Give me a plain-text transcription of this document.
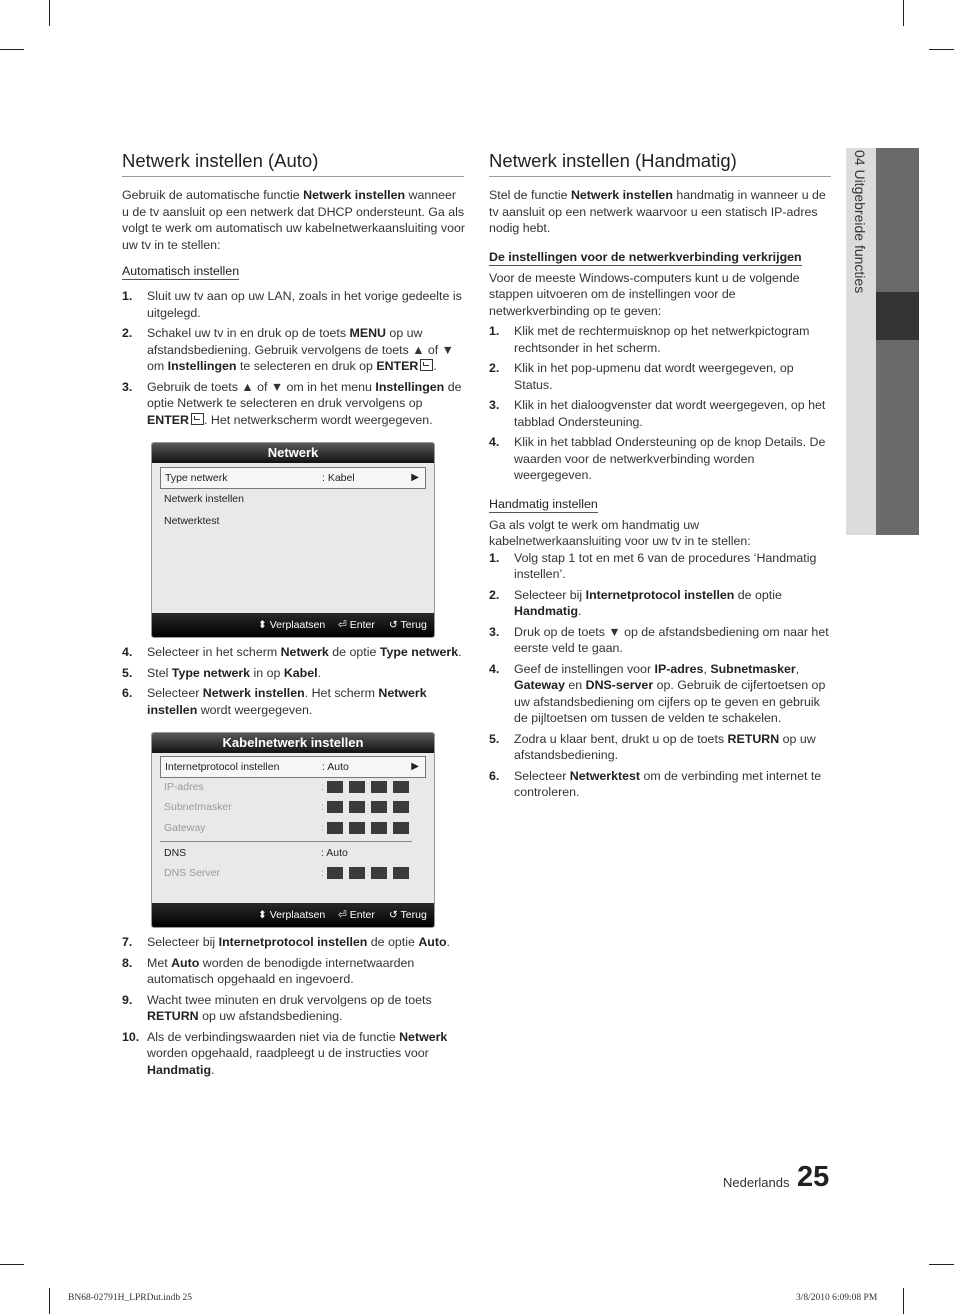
04 Uitgebreide functies
Netwerk instellen (Auto)

Gebruik de automatische functie Netwerk instellen wanneer u de tv aansluit op een netwerk dat DHCP ondersteunt. Ga als volgt te werk om automatisch uw kabelnetwerkaansluiting voor uw tv in te stellen:

Automatisch instellen
1. Sluit uw tv aan op uw LAN, zoals in het vorige gedeelte is uitgelegd.
2. Schakel uw tv in en druk op de toets MENU op uw afstandsbediening. Gebruik vervolgens de toets ▲ of ▼ om Instellingen te selecteren en druk op ENTER .
3. Gebruik de toets ▲ of ▼ om in het menu Instellingen de optie Netwerk te selecteren en druk vervolgens op ENTER . Het netwerkscherm wordt weergegeven.
Netwerk
Type netwerk	: Kabel	▶
Netwerk instellen
Netwerktest
⬍ Verplaatsen ⏎ Enter ↺ Terug
4. Selecteer in het scherm Netwerk de optie Type netwerk.
5. Stel Type netwerk in op Kabel.
6. Selecteer Netwerk instellen. Het scherm Netwerk instellen wordt weergegeven.
Kabelnetwerk instellen
Internetprotocol instellen	: Auto	▶
IP-adres	:
Subnetmasker	:
Gateway	:
DNS	: Auto
DNS Server	:
⬍ Verplaatsen ⏎ Enter ↺ Terug
7. Selecteer bij Internetprotocol instellen de optie Auto.
8. Met Auto worden de benodigde internetwaarden automatisch opgehaald en ingevoerd.
9. Wacht twee minuten en druk vervolgens op de toets RETURN op uw afstandsbediening.
10. Als de verbindingswaarden niet via de functie Netwerk worden opgehaald, raadpleegt u de instructies voor Handmatig.
Netwerk instellen (Handmatig)

Stel de functie Netwerk instellen handmatig in wanneer u de tv aansluit op een netwerk waarvoor u een statisch IP-adres nodig hebt.

De instellingen voor de netwerkverbinding verkrijgen

Voor de meeste Windows-computers kunt u de volgende stappen uitvoeren om de instellingen voor de netwerkverbinding op te geven:

1. Klik met de rechtermuisknop op het netwerkpictogram rechtsonder in het scherm.
2. Klik in het pop-upmenu dat wordt weergegeven, op Status.
3. Klik in het dialoogvenster dat wordt weergegeven, op het tabblad Ondersteuning.
4. Klik in het tabblad Ondersteuning op de knop Details. De waarden voor de netwerkverbinding worden weergegeven.
Handmatig instellen

Ga als volgt te werk om handmatig uw kabelnetwerkaansluiting voor uw tv in te stellen:

1. Volg stap 1 tot en met 6 van de procedures ‘Handmatig instellen’.
2. Selecteer bij Internetprotocol instellen de optie Handmatig.
3. Druk op de toets ▼ op de afstandsbediening om naar het eerste veld te gaan.
4. Geef de instellingen voor IP-adres, Subnetmasker, Gateway en DNS-server op. Gebruik de cijfertoetsen op uw afstandsbediening om cijfers op te geven en gebruik de pijltoetsen om tussen de velden te schakelen.
5. Zodra u klaar bent, drukt u op de toets RETURN op uw afstandsbediening.
6. Selecteer Netwerktest om de verbinding met internet te controleren.
Nederlands 25
BN68-02791H_LPRDut.indb 25	3/8/2010 6:09:08 PM
